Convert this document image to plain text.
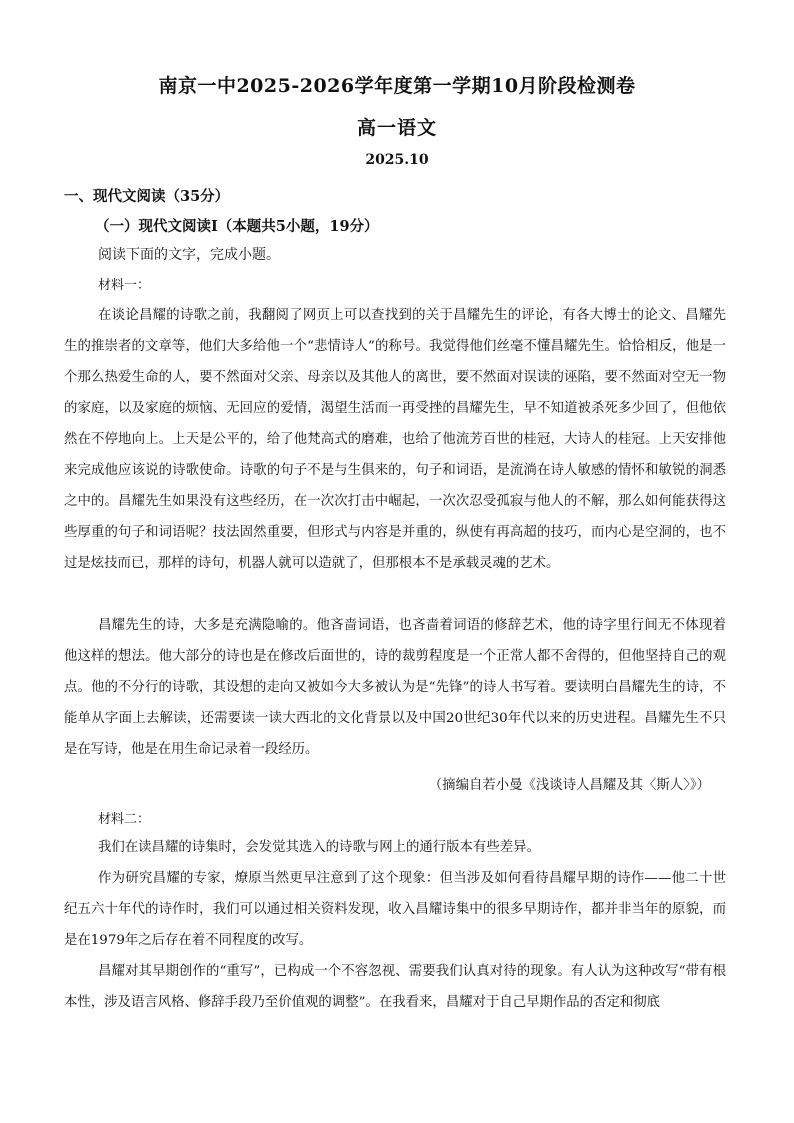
南京一中2025-2026学年度第一学期10月阶段检测卷
高一语文
2025.10
一、现代文阅读（35分）
（一）现代文阅读Ⅰ（本题共5小题，19分）
阅读下面的文字，完成小题。
材料一：

在谈论昌耀的诗歌之前，我翻阅了网页上可以查找到的关于昌耀先生的评论，有各大博士的论文、昌耀先生的推崇者的文章等，他们大多给他一个“悲情诗人”的称号。我觉得他们丝毫不懂昌耀先生。恰恰相反，他是一个那么热爱生命的人，要不然面对父亲、母亲以及其他人的离世，要不然面对误读的诬陷，要不然面对空无一物的家庭，以及家庭的烦恼、无回应的爱情，渴望生活而一再受挫的昌耀先生，早不知道被杀死多少回了，但他依然在不停地向上。上天是公平的，给了他梵高式的磨难，也给了他流芳百世的桂冠，大诗人的桂冠。上天安排他来完成他应该说的诗歌使命。诗歌的句子不是与生俱来的，句子和词语，是流淌在诗人敏感的情怀和敏锐的洞悉之中的。昌耀先生如果没有这些经历，在一次次打击中崛起，一次次忍受孤寂与他人的不解，那么如何能获得这些厚重的句子和词语呢？技法固然重要，但形式与内容是并重的，纵使有再高超的技巧，而内心是空洞的，也不过是炫技而已，那样的诗句，机器人就可以造就了，但那根本不是承载灵魂的艺术。

昌耀先生的诗，大多是充满隐喻的。他吝啬词语，也吝啬着词语的修辞艺术，他的诗字里行间无不体现着他这样的想法。他大部分的诗也是在修改后面世的，诗的裁剪程度是一个正常人都不舍得的，但他坚持自己的观点。他的不分行的诗歌，其设想的走向又被如今大多被认为是“先锋”的诗人书写着。要读明白昌耀先生的诗，不能单从字面上去解读，还需要读一读大西北的文化背景以及中国20世纪30年代以来的历史进程。昌耀先生不只是在写诗，他是在用生命记录着一段经历。

（摘编自若小曼《浅谈诗人昌耀及其〈斯人〉》）
材料二：

我们在读昌耀的诗集时，会发觉其选入的诗歌与网上的通行版本有些差异。

作为研究昌耀的专家，燎原当然更早注意到了这个现象：但当涉及如何看待昌耀早期的诗作——他二十世纪五六十年代的诗作时，我们可以通过相关资料发现，收入昌耀诗集中的很多早期诗作，都并非当年的原貌，而是在1979年之后存在着不同程度的改写。

昌耀对其早期创作的“重写”，已构成一个不容忽视、需要我们认真对待的现象。有人认为这种改写“带有根本性，涉及语言风格、修辞手段乃至价值观的调整”。在我看来，昌耀对于自己早期作品的否定和彻底
